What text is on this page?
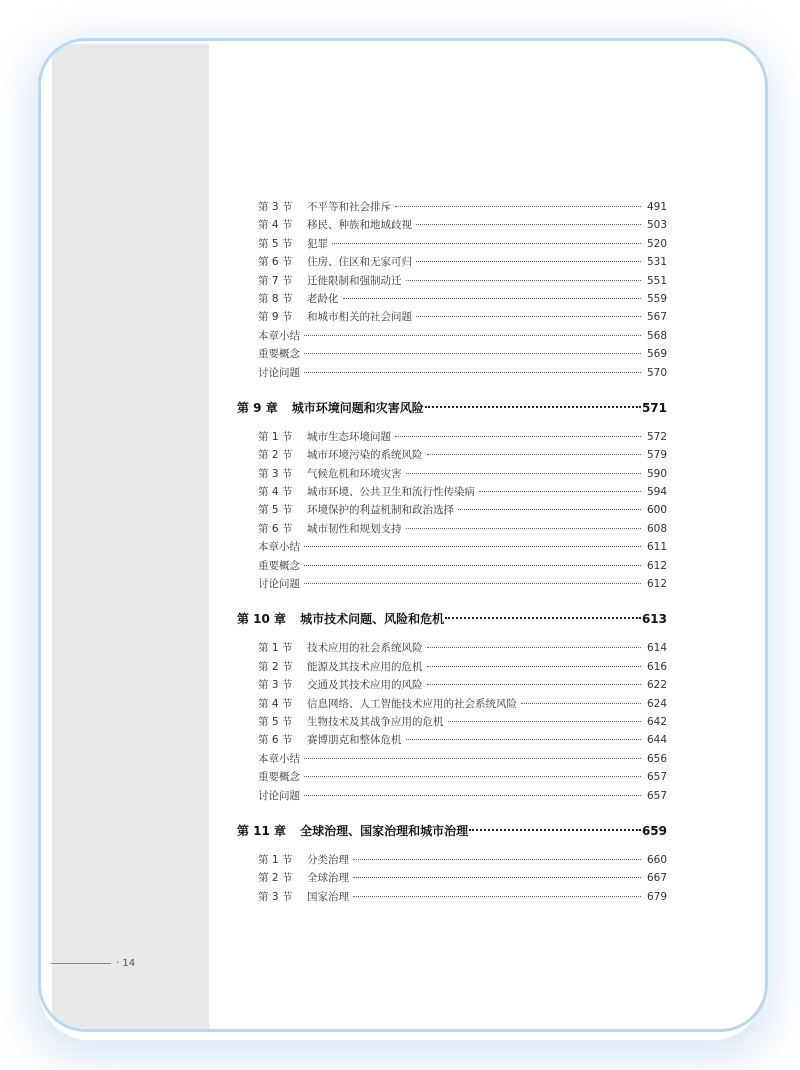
· 14
第 3 节	不平等和社会排斥	491
第 4 节	移民、种族和地域歧视	503
第 5 节	犯罪	520
第 6 节	住房、住区和无家可归	531
第 7 节	迁徙限制和强制动迁	551
第 8 节	老龄化	559
第 9 节	和城市相关的社会问题	567
本章小结	568
重要概念	569
讨论问题	570
第 9 章 城市环境问题和灾害风险	571
第 1 节	城市生态环境问题	572
第 2 节	城市环境污染的系统风险	579
第 3 节	气候危机和环境灾害	590
第 4 节	城市环境、公共卫生和流行性传染病	594
第 5 节	环境保护的利益机制和政治选择	600
第 6 节	城市韧性和规划支持	608
本章小结	611
重要概念	612
讨论问题	612
第 10 章 城市技术问题、风险和危机	613
第 1 节	技术应用的社会系统风险	614
第 2 节	能源及其技术应用的危机	616
第 3 节	交通及其技术应用的风险	622
第 4 节	信息网络、人工智能技术应用的社会系统风险	624
第 5 节	生物技术及其战争应用的危机	642
第 6 节	赛博朋克和整体危机	644
本章小结	656
重要概念	657
讨论问题	657
第 11 章 全球治理、国家治理和城市治理	659
第 1 节	分类治理	660
第 2 节	全球治理	667
第 3 节	国家治理	679
